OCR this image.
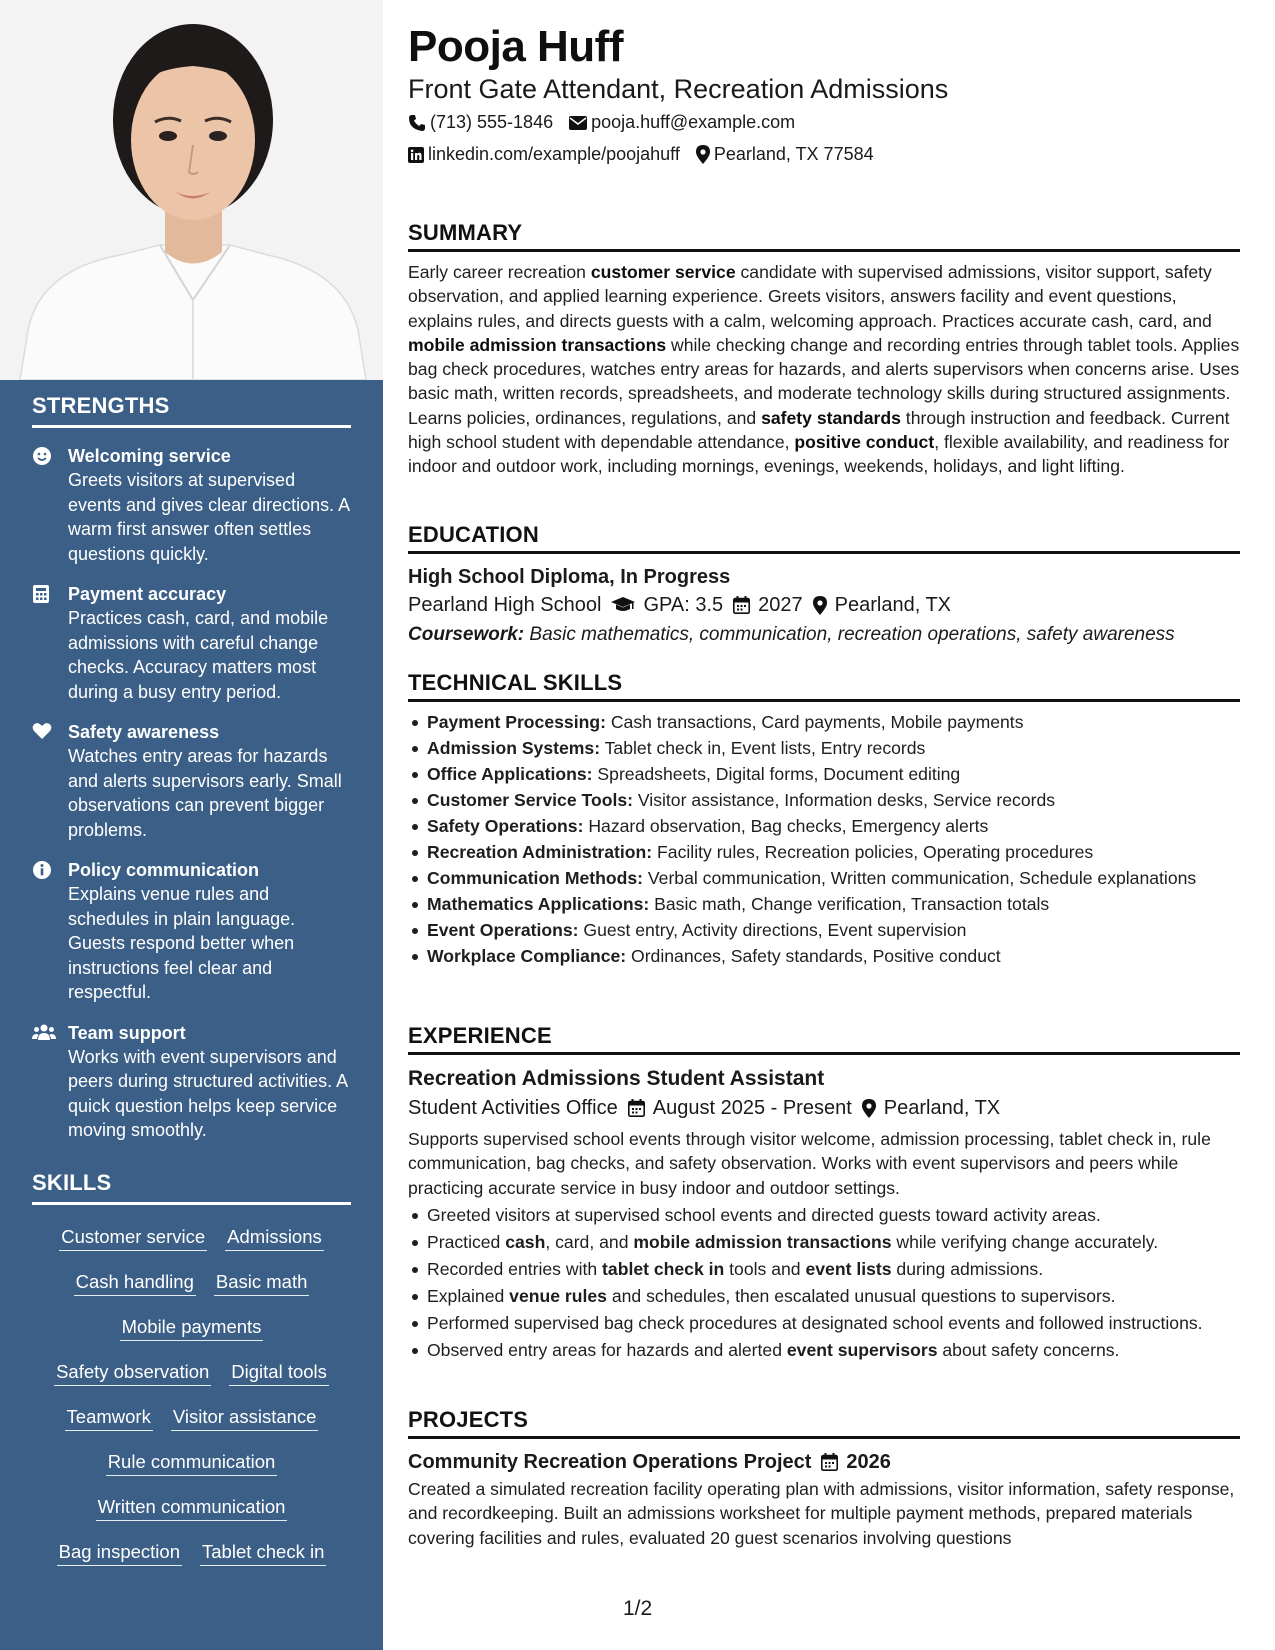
STRENGTHS
Welcoming service
Greets visitors at supervised events and gives clear directions. A warm first answer often settles questions quickly.
Payment accuracy
Practices cash, card, and mobile admissions with careful change checks. Accuracy matters most during a busy entry period.
Safety awareness
Watches entry areas for hazards and alerts supervisors early. Small observations can prevent bigger problems.
Policy communication
Explains venue rules and schedules in plain language. Guests respond better when instructions feel clear and respectful.
Team support
Works with event supervisors and peers during structured activities. A quick question helps keep service moving smoothly.
SKILLS
Customer service Admissions
Cash handling Basic math
Mobile payments
Safety observation Digital tools
Teamwork Visitor assistance
Rule communication
Written communication
Bag inspection Tablet check in
Pooja Huff
Front Gate Attendant, Recreation Admissions
(713) 555-1846 pooja.huff@example.com
linkedin.com/example/poojahuff Pearland, TX 77584
SUMMARY

Early career recreation customer service candidate with supervised admissions, visitor support, safety observation, and applied learning experience. Greets visitors, answers facility and event questions, explains rules, and directs guests with a calm, welcoming approach. Practices accurate cash, card, and mobile admission transactions while checking change and recording entries through tablet tools. Applies bag check procedures, watches entry areas for hazards, and alerts supervisors when concerns arise. Uses basic math, written records, spreadsheets, and moderate technology skills during structured assignments. Learns policies, ordinances, regulations, and safety standards through instruction and feedback. Current high school student with dependable attendance, positive conduct, flexible availability, and readiness for indoor and outdoor work, including mornings, evenings, weekends, holidays, and light lifting.

EDUCATION
High School Diploma, In Progress
Pearland High School GPA: 3.5 2027 Pearland, TX
Coursework: Basic mathematics, communication, recreation operations, safety awareness
TECHNICAL SKILLS
Payment Processing: Cash transactions, Card payments, Mobile payments
Admission Systems: Tablet check in, Event lists, Entry records
Office Applications: Spreadsheets, Digital forms, Document editing
Customer Service Tools: Visitor assistance, Information desks, Service records
Safety Operations: Hazard observation, Bag checks, Emergency alerts
Recreation Administration: Facility rules, Recreation policies, Operating procedures
Communication Methods: Verbal communication, Written communication, Schedule explanations
Mathematics Applications: Basic math, Change verification, Transaction totals
Event Operations: Guest entry, Activity directions, Event supervision
Workplace Compliance: Ordinances, Safety standards, Positive conduct
EXPERIENCE
Recreation Admissions Student Assistant
Student Activities Office August 2025 - Present Pearland, TX

Supports supervised school events through visitor welcome, admission processing, tablet check in, rule communication, bag checks, and safety observation. Works with event supervisors and peers while practicing accurate service in busy indoor and outdoor settings.

Greeted visitors at supervised school events and directed guests toward activity areas.
Practiced cash, card, and mobile admission transactions while verifying change accurately.
Recorded entries with tablet check in tools and event lists during admissions.
Explained venue rules and schedules, then escalated unusual questions to supervisors.
Performed supervised bag check procedures at designated school events and followed instructions.
Observed entry areas for hazards and alerted event supervisors about safety concerns.
PROJECTS
Community Recreation Operations Project 2026

Created a simulated recreation facility operating plan with admissions, visitor information, safety response, and recordkeeping. Built an admissions worksheet for multiple payment methods, prepared materials covering facilities and rules, evaluated 20 guest scenarios involving questions

1/2
